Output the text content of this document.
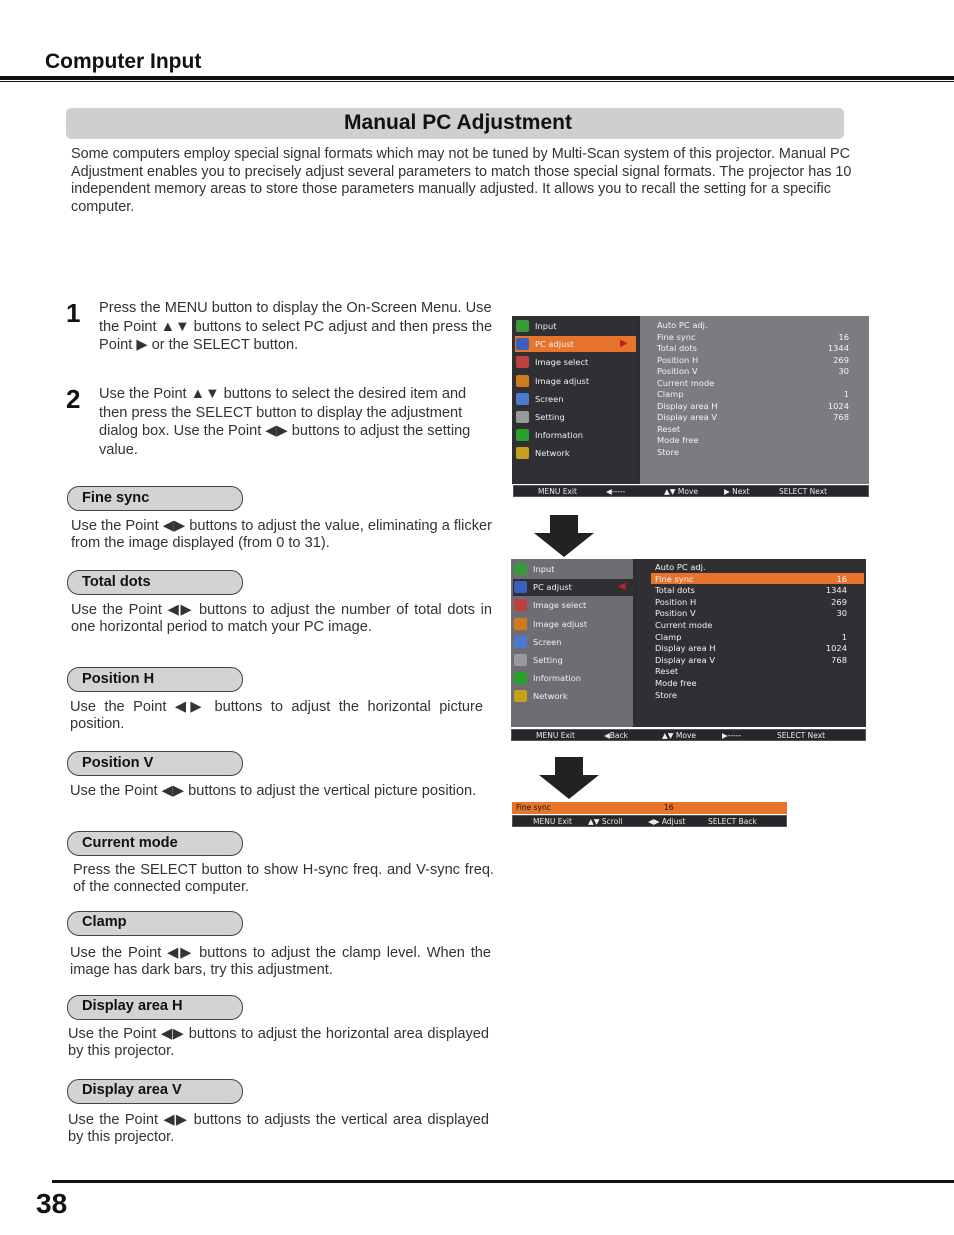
Computer Input
Manual PC Adjustment
Some computers employ special signal formats which may not be tuned by Multi-Scan system of this projector. Manual PC Adjustment enables you to precisely adjust several parameters to match those special signal formats. The projector has 10 independent memory areas to store those parameters manually adjusted. It allows you to recall the setting for a specific computer.
1 Press the MENU button to display the On-Screen Menu. Use the Point ▲▼ buttons to select PC adjust and then press the Point ▶ or the SELECT button.
2 Use the Point ▲▼ buttons to select the desired item and then press the SELECT button to display the adjustment dialog box. Use the Point ◀▶ buttons to adjust the setting value.
Fine sync
Use the Point ◀▶ buttons to adjust the value, eliminating a flicker from the image displayed (from 0 to 31).
Total dots
Use the Point ◀▶ buttons to adjust the number of total dots in one horizontal period to match your PC image.
Position H
Use the Point ◀▶ buttons to adjust the horizontal picture position.
Position V
Use the Point ◀▶ buttons to adjust the vertical picture position.
Current mode
Press the SELECT button to show H-sync freq. and V-sync freq. of the connected computer.
Clamp
Use the Point ◀▶ buttons to adjust the clamp level. When the image has dark bars, try this adjustment.
Display area H
Use the Point ◀▶ buttons to adjust the horizontal area displayed by this projector.
Display area V
Use the Point ◀▶ buttons to adjusts the vertical area displayed by this projector.
▶
Input
PC adjust
Image select
Image adjust
Screen
Setting
Information
Network
Auto PC adj.
Fine sync	16
Total dots	1344
Position H	269
Position V	30
Current mode
Clamp	1
Display area H	1024
Display area V	768
Reset
Mode free
Store
MENU Exit	◀-----	▲▼ Move	▶ Next	SELECT Next
◀
Input
PC adjust
Image select
Image adjust
Screen
Setting
Information
Network
Auto PC adj.
Fine sync	16
Total dots	1344
Position H	269
Position V	30
Current mode
Clamp	1
Display area H	1024
Display area V	768
Reset
Mode free
Store
MENU Exit	◀Back	▲▼ Move	▶-----	SELECT Next
Fine sync	16
MENU Exit ▲▼ Scroll	◀▶ Adjust	SELECT Back
38
